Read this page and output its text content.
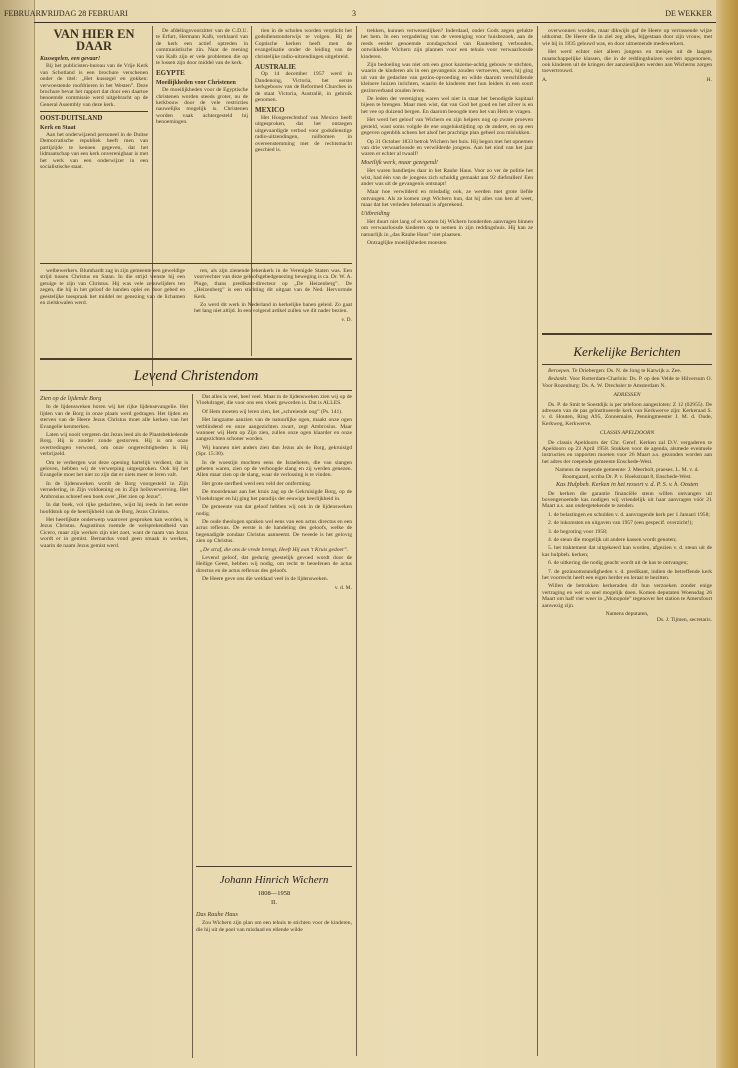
FEBRUARI
VRIJDAG 28 FEBRUARI	3	DE WEKKER
VAN HIER EN DAAR
Kussegelen, een gevaar!

Bij het publicisten-bureau van de Vrije Kerk van Schotland is een brochure verschenen onder de titel: „Het kussegel en gokken: verwoestende roofdrieren in het Westen”. Deze brochure bevat het rapport dat door een daartoe benoemde commissie werd uitgebracht op de General Assembly van deze kerk.

OOST-DUITSLAND
Kerk en Staat

Aan het onderwijzend personeel in de Duitse Democratische republiek heeft men van partijzijde te kennen gegeven, dat het lidmaatschap van een kerk onverenigbaar is met het werk van een onderwijzer in een socialistische staat.

De afdelingsvoorzitter van de C.D.U. te Erfurt, Hermann Kalb, verklaard van de kerk een actief optreden in communistische zin. Naar de mening van Kalb zijn er vele problemen die op te lossen zijn door middel van de kerk.

EGYPTE
Moeilijkheden voor Christenen

De moeilijkheden voor de Egyptische christenen worden steeds groter, nu de kerkbouw door de vele restricties nauwelijks mogelijk is. Christenen worden vaak achtergesteld bij benoemingen.

tien in de scholen worden verplicht het godsdienstonderwijs te volgen. Bij de Coptische kerken heeft men de evangelisatie onder de leiding van de christelijke radio-uitzendingen uitgebreid.

AUSTRALIE

Op 14 december 1957 werd in Dandenong, Victoria, het eerste kerkgebouw van de Reformed Churches in de staat Victoria, Australië, in gebruik genomen.

MEXICO

Het Hoogerechtshof van Mexico heeft uitgesproken, dat het ontzegen uitgevaardigde verbod voor godsdienstige radio-uitzendingen, ruilbomen in overeenstemming met de rechtsmacht geschied is.

welbewerkers. Blumhardt zag in zijn gemeente een geweldige strijd tussen Christus en Satan. In die strijd wenste hij een getuige te zijn van Christus. Hij was vele zenuwlijders ten zegen, die hij in het geloof de handen oplei en door gebed en geestelijke toespraak het middel ter genezing van de lichamen en zielskwalen werd.

ren, als zijn zienende lekenkerk in de Verenigde Staten was. Een voorvechter van deze geloofsgebedgenezing beweging is ca. Dr. W. A. Pluge, thans predikant-directeur op „De Heizenberg”. De „Heizenberg” is een stichting dit uitgaat van de Ned. Hervormde Kerk.

Zo werd dit werk in Nederland in kerkelijke banen geleid. Zo gaat het lang niet altijd. In een volgend artikel zullen we dit nader bezien.

v. D.
Levend Christendom
Zien op de lijdende Borg

In de lijdensweken horen wij het rijke lijdensevangelie. Het lijden van de Borg in onze plaats werd gedragen. Het lijden en sterven van de Heere Jezus Christus moet alle kerken van het Evangelie kenmerken.

Laten wij nooit vergeten dat Jezus leed als de Plaatsbekledende Borg. Hij is zonder zonde gestorven. Hij is om onze overtredingen verwond, om onze ongerechtigheden is Hij verbrijzeld.

Om te verbergen wat deze opening hartelijk verdient, dat is geloven, hebben wij de verwerping uitgesproken. Ook bij het Evangelie moet het niet zo zijn dat er niets meer te leren valt.

In de lijdensweken wordt de Borg voorgesteld in Zijn vernedering, in Zijn voldoening en in Zijn heilsverwerving. Het Ambrosius schreef een boek over „Het zien op Jezus”.

In dat boek, vol rijke gedachten, wijst hij reeds in het eerste hoofdstuk op de heerlijkheid van de Borg, Jezus Christus.

Het heerlijkste onderwerp waarover gesproken kan worden, is Jezus Christus. Augustinus roemde de welsprekendheid van Cicero, maar zijn werken zijn niet zoet, want de naam van Jezus wordt er in gemist. Bernardus vond geen smaak in werken, waarin de naam Jezus gemist werd.

Dat alles is veel, heel veel. Maar in de lijdensweken zien wij op de Vloekdrager, die voor ons een vloek geworden is. Dat is ALLES.

Of Hem moeten wij leren zien, het „schreiende oog” (Ps. 141).

Het langzame aanzien van de natuurlijke ogen, maakt onze ogen verblindend en onze aangezichten zwart, zegt Ambrosius. Maar wanneer wij Hem op Zijn zien, zullen onze ogen klaarder en onze aangezichten schoner worden.

Wij kunnen niet anders zien dan Jezus als de Borg, gekruisigd (Spr. 15:30).

In de woestijn mochten eens de Israelieten, die van slangen gebeten waren, zien op de verhoogde slang en zij werden genezen. Allen maar zien op de slang, waar de verlossing is te vinden.

Het grote sterfbed werd een veld der ontferming.

De moordenaar aan het kruis zag op de Gekruisigde Borg, op de Vloekdrager en hij ging het paradijs der eeuwige heerlijkheid in.

De gemeente van dat geloof hebben wij ook in de lijdensweken nodig.

De oude theologen spraken wel eens van een actus directus en een actus reflexus. De eerste is de handeling des geloofs, welke de begenadigde zondaar Christus aanneemt. De tweede is het gelovig zien op Christus.

„De straf, die ons de vrede brengt, Heeft Hij aan 't Kruis gedoet”.

Levend geloof, dat gedurig geestelijk gevoed wordt door de Heilige Geest, hebben wij nodig, om recht te beoefenen de actus directus en de actus reflexus des geloofs.

De Heere geve ons die weldaad veel in de lijdensweken.

v. d. M.
Johann Hinrich Wichern
1808—1958
II.
Das Rauhe Haus

Zou Wichern zijn plan om een tehuis te stichten voor de kinderen, die hij uit de poel van misdaad en ellende wilde

trekken, kunnen verwezenlijken? Inderdaad, onder Gods zegen gelukte het hem. In een vergadering van de vereniging voor huisbezoek, aan de reeds eerder genoemde zondagschool van Rautenberg verbonden, ontwikkelde Wichern zijn plannen voor een tehuis voor verwaarloosde kinderen.

Zijn bedoeling was niet om een groot kazerne-achtig gebouw te stichten, waarin de kinderen als in een gevangenis zouden vertoeven, neen, hij ging uit van de gedachte van gezins-opvoeding en wilde daarom verschillende kleinere huizen inrichten, waarin de kinderen met hun leiders in een soort gezinsverband zouden leven.

De leden der vereniging waren wel niet in staat het benodigde kapitaal bijeen te brengen. Maar men wist, dat van God het goud en het zilver is en het vee op duizend bergen. En daarom beoogde men het van Hem te vragen.

Het werd het geloof van Wichern en zijn helpers nog op zware proeven gesteld, want soms volgde de ene ongelukstijding op de andere, en op een gegeven ogenblik scheen het alsof het prachtige plan geheel zou mislukken.

Op 31 October 1833 betrok Wichern het huis. Hij begon met het opnemen van drie verwaarloosde en verwilderde jongens. Aan het eind van het jaar waren er echter al twaalf!

Moeilijk werk, maar gezegend!

Het waren bandietjes daar in het Rauhe Haus. Voor zo ver de politie het wist, had één van de jongens zich schuldig gemaakt aan 92 diefstallen! Een ander was uit de gevangenis ontsnapt!

Maar hoe verwilderd en misdadig ook, ze werden met grote liefde ontvangen. Als ze komen zegt Wichern hun, dat hij alles van hen af weet, maar dat het verleden helemaal is afgerekend.

Uitbreiding

Het duurt niet lang of er komen bij Wichern honderden aanvragen binnen om verwaarloosde kinderen op te nemen in zijn reddingshuis. Hij kan ze natuurlijk in „das Rauhe Haus” niet plaatsen.

Ontzaglijke moeilijkheden moesten

overwonnen worden, maar dikwijls gaf de Heere op verrassende wijze uitkomst. De Heere die in ziel zeg alles, bijgestaan door zijn vrouw, met wie hij in 1835 gehuwd was, en door uitnemende medewerkers.

Het werd echter niet alleen jongens en meisjes uit de laagste maatschappelijke klassen, die in de reddingshuizen werden opgenomen, ook kinderen uit de kringen der aanzienlijken werden aan Wicherns zorgen toevertrouwd.

A.	H.
Kerkelijke Berichten

Beroepen. Te Driebergen: Ds. N. de Jong te Katwijk a. Zee.

Bedankt. Voor Rotterdam-Charlois: Ds. P. op den Velde te Hilversum O. Voor Rozenburg: Ds. A. W. Drechsler te Amsterdam N.

ADRESSEN

Ds. P. de Smit te Soestdijk is per telefoon aangesloten: Z 12 (02955). De adressen van de pas geïnstitueerde kerk van Kerkwerve zijn: Kerkeraad S. v. d. Houten, Ring A95, Zonnemaire, Penningmeester J. M. d. Oude, Kerkweg, Kerkwerve.

CLASSIS APELDOORN

De classis Apeldoorn der Chr. Geref. Kerken zal D.V. vergaderen te Apeldoorn op 23 April 1958. Stukken voor de agenda, alsmede eventuele instructies en rapporten moeten voor 26 Maart a.s. gezonden worden aan het adres der roepende gemeente Enschede-West.

Namens de roepende gemeente: J. Meerbolt, praeses. L. M. v. d. Boomgaard, scriba Dr. P. v. Hoekstraat 8, Enschede-West.

Kas Hulpbeh. Kerken in het ressort v. d. P. S. v. h. Oosten

De kerken die garantie financiële steun willen ontvangen uit bovengenoemde kas nodigen wij vriendelijk uit haar aanvragen vóór 21 Maart a.s. aan ondergetekende te zenden.

1. de belastingen en schulden v. d. aanvragende kerk per 1 Januari 1958;

2. de inkomsten en uitgaven van 1957 (een gespecif. overzicht!);

3. de begroting voor 1958;

4. de steun die mogelijk uit andere kassen wordt genoten;

5. het traktement dat uitgekeerd kan worden, afgezien v. d. steun uit de kas hulpbeh. kerken;

6. de uitkering die nodig geacht wordt uit de kas te ontvangen;

7. de gezinsomstandigheden v. d. predikant, indien de betreffende kerk het voorrecht heeft een eigen herder en leraar te bezitten.

Willen de betrokken kerkeraden dit hun verzoeken zonder enige vertraging en wel zo snel mogelijk doen. Komen deputaten Woensdag 26 Maart om half vier weer in „Monopole” tegenover het station te Amersfoort aanwezig zijn.

Namens deputaten,
Ds. J. Tijmen, secretaris.
